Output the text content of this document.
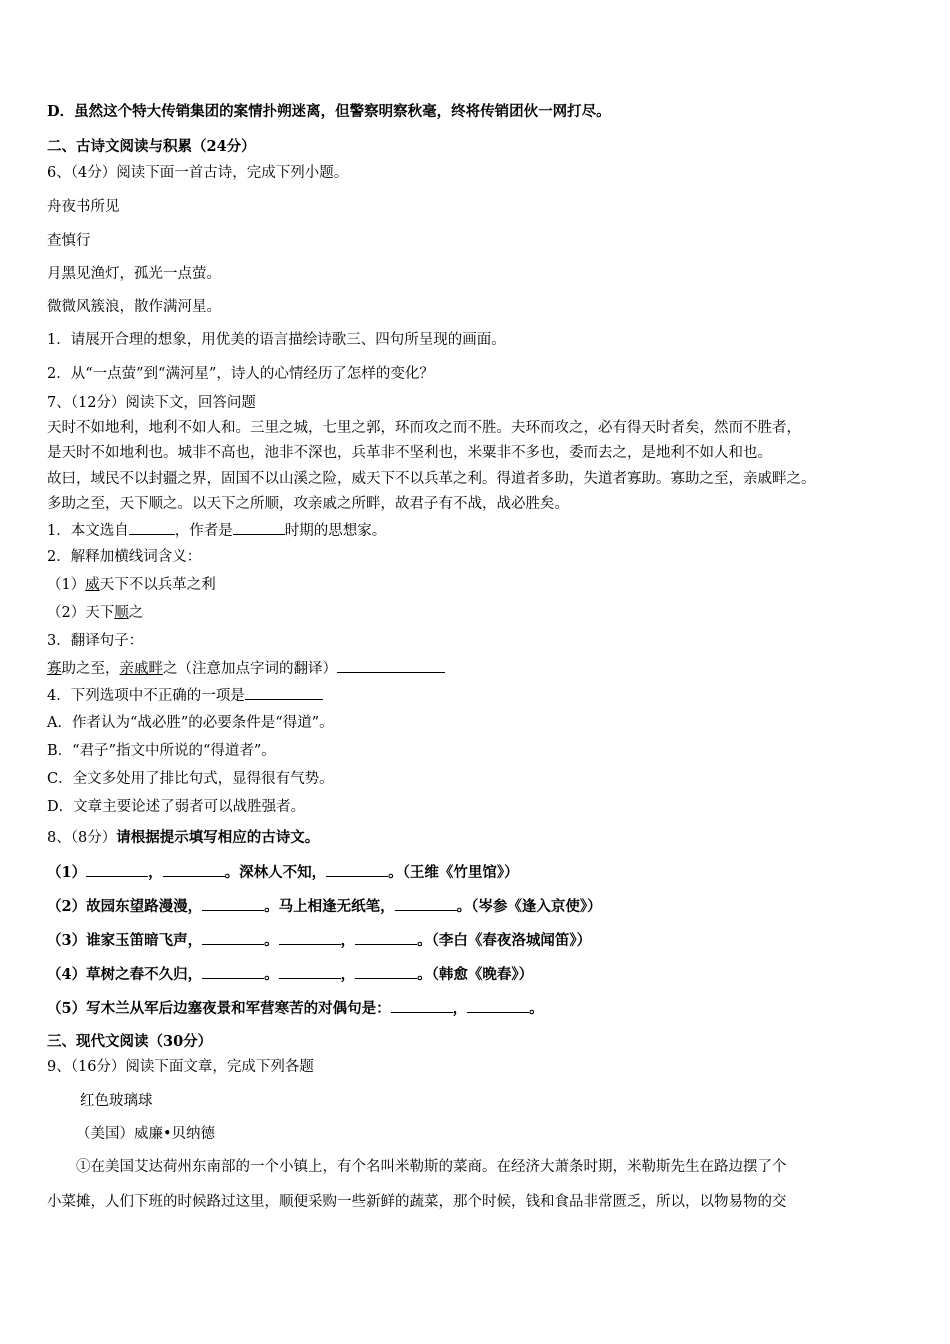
D．虽然这个特大传销集团的案情扑朔迷离，但警察明察秋毫，终将传销团伙一网打尽。
二、古诗文阅读与积累（24分）
6、（4分）阅读下面一首古诗，完成下列小题。
舟夜书所见
查慎行
月黑见渔灯，孤光一点萤。
微微风簇浪，散作满河星。
1．请展开合理的想象，用优美的语言描绘诗歌三、四句所呈现的画面。
2．从“一点萤”到“满河星”，诗人的心情经历了怎样的变化？
7、（12分）阅读下文，回答问题
天时不如地利，地利不如人和。三里之城，七里之郭，环而攻之而不胜。夫环而攻之，必有得天时者矣，然而不胜者，
是天时不如地利也。城非不高也，池非不深也，兵革非不坚利也，米粟非不多也，委而去之，是地利不如人和也。
故曰，域民不以封疆之界，固国不以山溪之险，威天下不以兵革之利。得道者多助，失道者寡助。寡助之至，亲戚畔之。
多助之至，天下顺之。以天下之所顺，攻亲戚之所畔，故君子有不战，战必胜矣。
1．本文选自	，作者是	时期的思想家。
2．解释加横线词含义：
（1）威天下不以兵革之利
（2）天下顺之
3．翻译句子：
寡助之至，亲戚畔之（注意加点字词的翻译）
4．下列选项中不正确的一项是
A．作者认为“战必胜”的必要条件是“得道”。
B．“君子”指文中所说的“得道者”。
C．全文多处用了排比句式，显得很有气势。
D．文章主要论述了弱者可以战胜强者。
8、（8分）请根据提示填写相应的古诗文。
（1）	，	。深林人不知，	。（王维《竹里馆》）
（2）故园东望路漫漫，	。马上相逢无纸笔，	。（岑参《逢入京使》）
（3）谁家玉笛暗飞声，	。	，	。（李白《春夜洛城闻笛》）
（4）草树之春不久归，	。	，	。（韩愈《晚春》）
（5）写木兰从军后边塞夜景和军营寒苦的对偶句是：	，	。
三、现代文阅读（30分）
9、（16分）阅读下面文章，完成下列各题
红色玻璃球
（美国）威廉•贝纳德
①在美国艾达荷州东南部的一个小镇上，有个名叫米勒斯的菜商。在经济大萧条时期，米勒斯先生在路边摆了个
小菜摊，人们下班的时候路过这里，顺便采购一些新鲜的蔬菜，那个时候，钱和食品非常匮乏，所以，以物易物的交
